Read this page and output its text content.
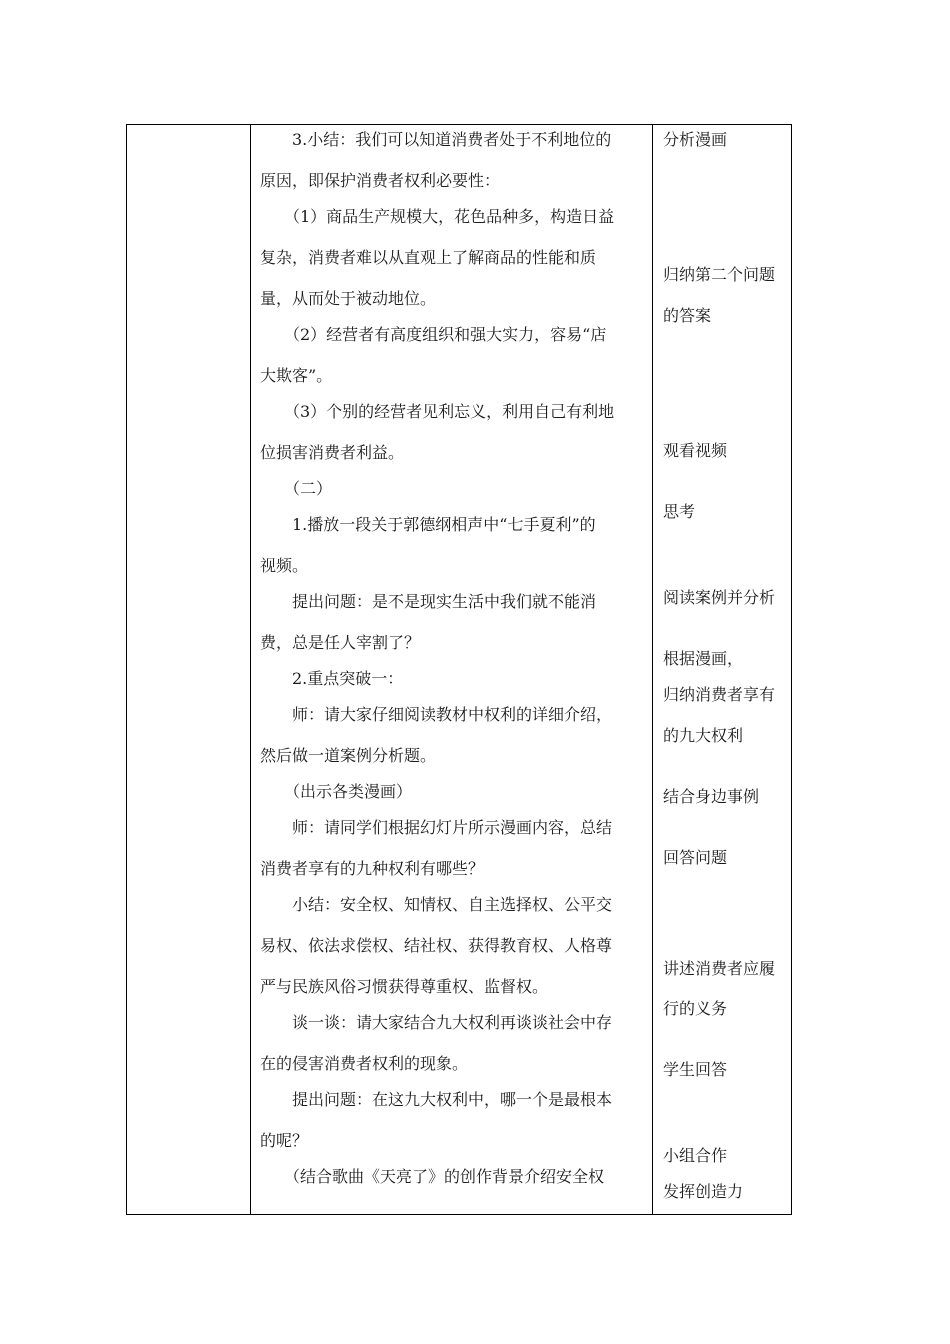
　　3.小结：我们可以知道消费者处于不利地位的
原因，即保护消费者权利必要性：
　　（1）商品生产规模大，花色品种多，构造日益
复杂，消费者难以从直观上了解商品的性能和质
量，从而处于被动地位。
　　（2）经营者有高度组织和强大实力，容易“店
大欺客”。
　　（3）个别的经营者见利忘义，利用自己有利地
位损害消费者利益。
　　（二）
　　1.播放一段关于郭德纲相声中“七手夏利”的
视频。
　　提出问题：是不是现实生活中我们就不能消
费，总是任人宰割了？
　　2.重点突破一：
　　师：请大家仔细阅读教材中权利的详细介绍，
然后做一道案例分析题。
　　（出示各类漫画）
　　师：请同学们根据幻灯片所示漫画内容，总结
消费者享有的九种权利有哪些？
　　小结：安全权、知情权、自主选择权、公平交
易权、依法求偿权、结社权、获得教育权、人格尊
严与民族风俗习惯获得尊重权、监督权。
　　谈一谈：请大家结合九大权利再谈谈社会中存
在的侵害消费者权利的现象。
　　提出问题：在这九大权利中，哪一个是最根本
的呢？
　　（结合歌曲《天亮了》的创作背景介绍安全权
分析漫画
归纳第二个问题
的答案
观看视频
思考
阅读案例并分析
根据漫画，
归纳消费者享有
的九大权利
结合身边事例
回答问题
讲述消费者应履
行的义务
学生回答
小组合作
发挥创造力
